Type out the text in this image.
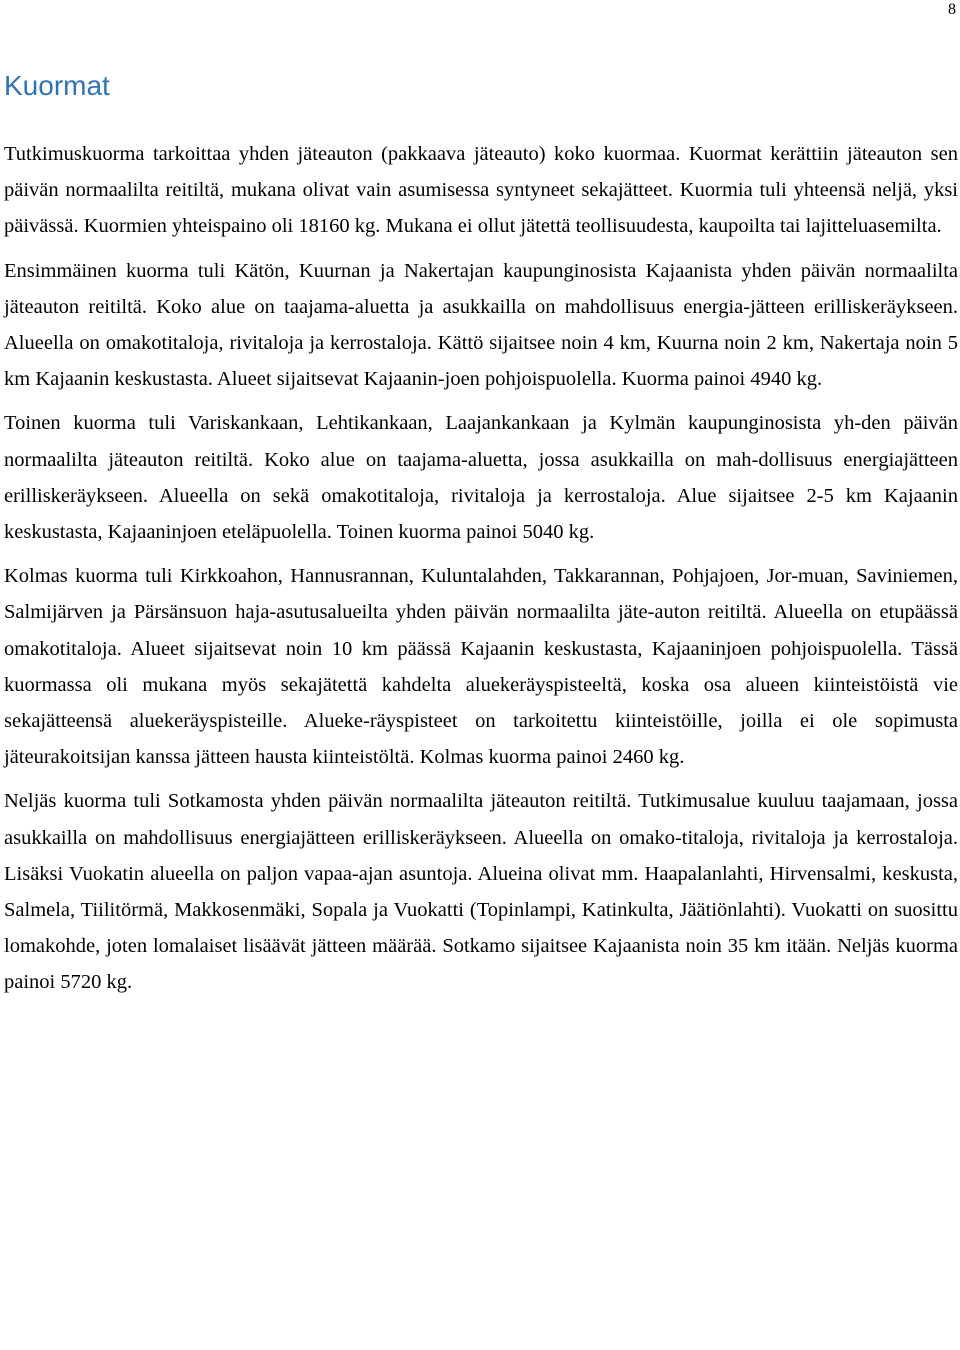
8
Kuormat

Tutkimuskuorma tarkoittaa yhden jäteauton (pakkaava jäteauto) koko kuormaa. Kuormat kerättiin jäteauton sen päivän normaalilta reitiltä, mukana olivat vain asumisessa syntyneet sekajätteet. Kuormia tuli yhteensä neljä, yksi päivässä. Kuormien yhteispaino oli 18160 kg. Mukana ei ollut jätettä teollisuudesta, kaupoilta tai lajitteluasemilta.

Ensimmäinen kuorma tuli Kätön, Kuurnan ja Nakertajan kaupunginosista Kajaanista yhden päivän normaalilta jäteauton reitiltä. Koko alue on taajama-aluetta ja asukkailla on mahdollisuus energia-jätteen erilliskeräykseen. Alueella on omakotitaloja, rivitaloja ja kerrostaloja. Kättö sijaitsee noin 4 km, Kuurna noin 2 km, Nakertaja noin 5 km Kajaanin keskustasta. Alueet sijaitsevat Kajaanin-joen pohjoispuolella. Kuorma painoi 4940 kg.

Toinen kuorma tuli Variskankaan, Lehtikankaan, Laajankankaan ja Kylmän kaupunginosista yh-den päivän normaalilta jäteauton reitiltä. Koko alue on taajama-aluetta, jossa asukkailla on mah-dollisuus energiajätteen erilliskeräykseen. Alueella on sekä omakotitaloja, rivitaloja ja kerrostaloja. Alue sijaitsee 2-5 km Kajaanin keskustasta, Kajaaninjoen eteläpuolella. Toinen kuorma painoi 5040 kg.

Kolmas kuorma tuli Kirkkoahon, Hannusrannan, Kuluntalahden, Takkarannan, Pohjajoen, Jor-muan, Saviniemen, Salmijärven ja Pärsänsuon haja-asutusalueilta yhden päivän normaalilta jäte-auton reitiltä. Alueella on etupäässä omakotitaloja. Alueet sijaitsevat noin 10 km päässä Kajaanin keskustasta, Kajaaninjoen pohjoispuolella. Tässä kuormassa oli mukana myös sekajätettä kahdelta aluekeräyspisteeltä, koska osa alueen kiinteistöistä vie sekajätteensä aluekeräyspisteille. Alueke-räyspisteet on tarkoitettu kiinteistöille, joilla ei ole sopimusta jäteurakoitsijan kanssa jätteen hausta kiinteistöltä. Kolmas kuorma painoi 2460 kg.

Neljäs kuorma tuli Sotkamosta yhden päivän normaalilta jäteauton reitiltä. Tutkimusalue kuuluu taajamaan, jossa asukkailla on mahdollisuus energiajätteen erilliskeräykseen. Alueella on omako-titaloja, rivitaloja ja kerrostaloja. Lisäksi Vuokatin alueella on paljon vapaa-ajan asuntoja. Alueina olivat mm. Haapalanlahti, Hirvensalmi, keskusta, Salmela, Tiilitörmä, Makkosenmäki, Sopala ja Vuokatti (Topinlampi, Katinkulta, Jäätiönlahti). Vuokatti on suosittu lomakohde, joten lomalaiset lisäävät jätteen määrää. Sotkamo sijaitsee Kajaanista noin 35 km itään. Neljäs kuorma painoi 5720 kg.
